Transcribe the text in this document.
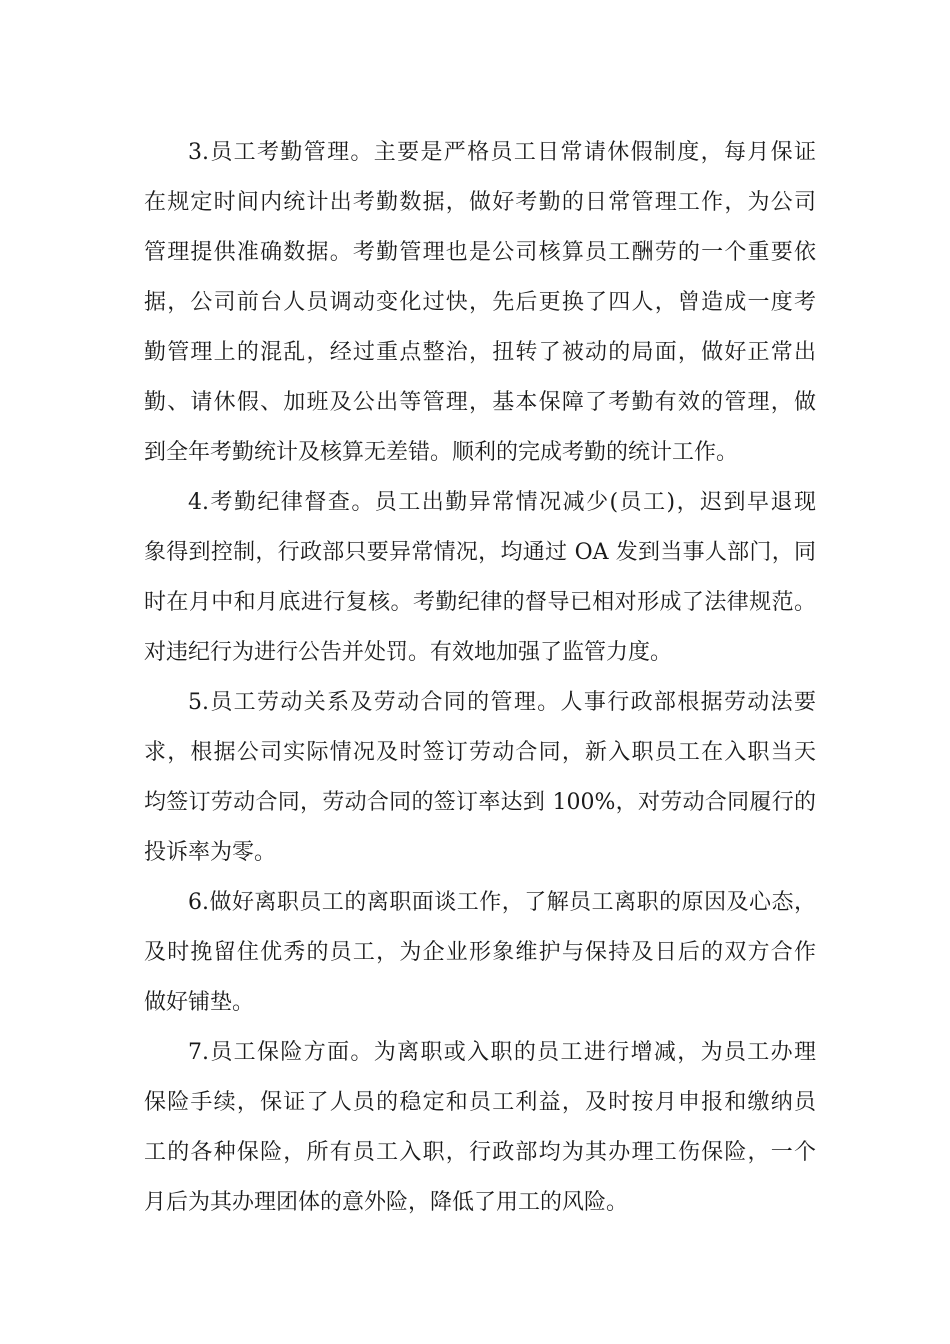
3.员工考勤管理。主要是严格员工日常请休假制度，每月保证
在规定时间内统计出考勤数据，做好考勤的日常管理工作，为公司
管理提供准确数据。考勤管理也是公司核算员工酬劳的一个重要依
据，公司前台人员调动变化过快，先后更换了四人，曾造成一度考
勤管理上的混乱，经过重点整治，扭转了被动的局面，做好正常出
勤、请休假、加班及公出等管理，基本保障了考勤有效的管理，做
到全年考勤统计及核算无差错。顺利的完成考勤的统计工作。
4.考勤纪律督查。员工出勤异常情况减少(员工)，迟到早退现
象得到控制，行政部只要异常情况，均通过 OA 发到当事人部门，同
时在月中和月底进行复核。考勤纪律的督导已相对形成了法律规范。
对违纪行为进行公告并处罚。有效地加强了监管力度。
5.员工劳动关系及劳动合同的管理。人事行政部根据劳动法要
求，根据公司实际情况及时签订劳动合同，新入职员工在入职当天
均签订劳动合同，劳动合同的签订率达到 100%，对劳动合同履行的
投诉率为零。
6.做好离职员工的离职面谈工作，了解员工离职的原因及心态，
及时挽留住优秀的员工，为企业形象维护与保持及日后的双方合作
做好铺垫。
7.员工保险方面。为离职或入职的员工进行增减，为员工办理
保险手续，保证了人员的稳定和员工利益，及时按月申报和缴纳员
工的各种保险，所有员工入职，行政部均为其办理工伤保险，一个
月后为其办理团体的意外险，降低了用工的风险。
